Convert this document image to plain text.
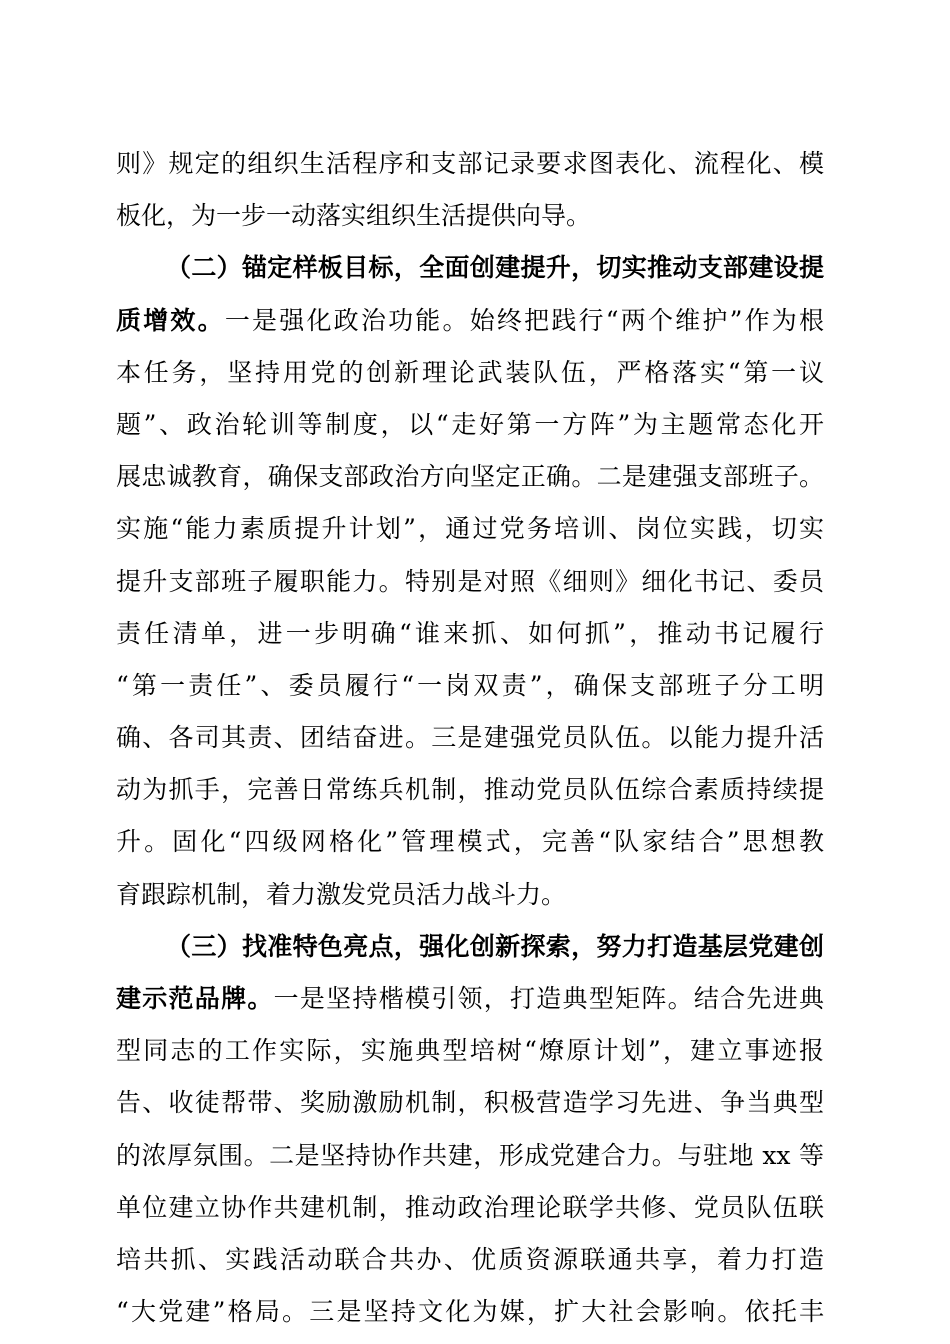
则》规定的组织生活程序和支部记录要求图表化、流程化、模
板化，为一步一动落实组织生活提供向导。
（二）锚定样板目标，全面创建提升，切实推动支部建设提
质增效。一是强化政治功能。始终把践行“两个维护”作为根
本任务，坚持用党的创新理论武装队伍，严格落实“第一议
题”、政治轮训等制度，以“走好第一方阵”为主题常态化开
展忠诚教育，确保支部政治方向坚定正确。二是建强支部班子。
实施“能力素质提升计划”，通过党务培训、岗位实践，切实
提升支部班子履职能力。特别是对照《细则》细化书记、委员
责任清单，进一步明确“谁来抓、如何抓”，推动书记履行
“第一责任”、委员履行“一岗双责”，确保支部班子分工明
确、各司其责、团结奋进。三是建强党员队伍。以能力提升活
动为抓手，完善日常练兵机制，推动党员队伍综合素质持续提
升。固化“四级网格化”管理模式，完善“队家结合”思想教
育跟踪机制，着力激发党员活力战斗力。
（三）找准特色亮点，强化创新探索，努力打造基层党建创
建示范品牌。一是坚持楷模引领，打造典型矩阵。结合先进典
型同志的工作实际，实施典型培树“燎原计划”，建立事迹报
告、收徒帮带、奖励激励机制，积极营造学习先进、争当典型
的浓厚氛围。二是坚持协作共建，形成党建合力。与驻地 xx 等
单位建立协作共建机制，推动政治理论联学共修、党员队伍联
培共抓、实践活动联合共办、优质资源联通共享，着力打造
“大党建”格局。三是坚持文化为媒，扩大社会影响。依托丰
